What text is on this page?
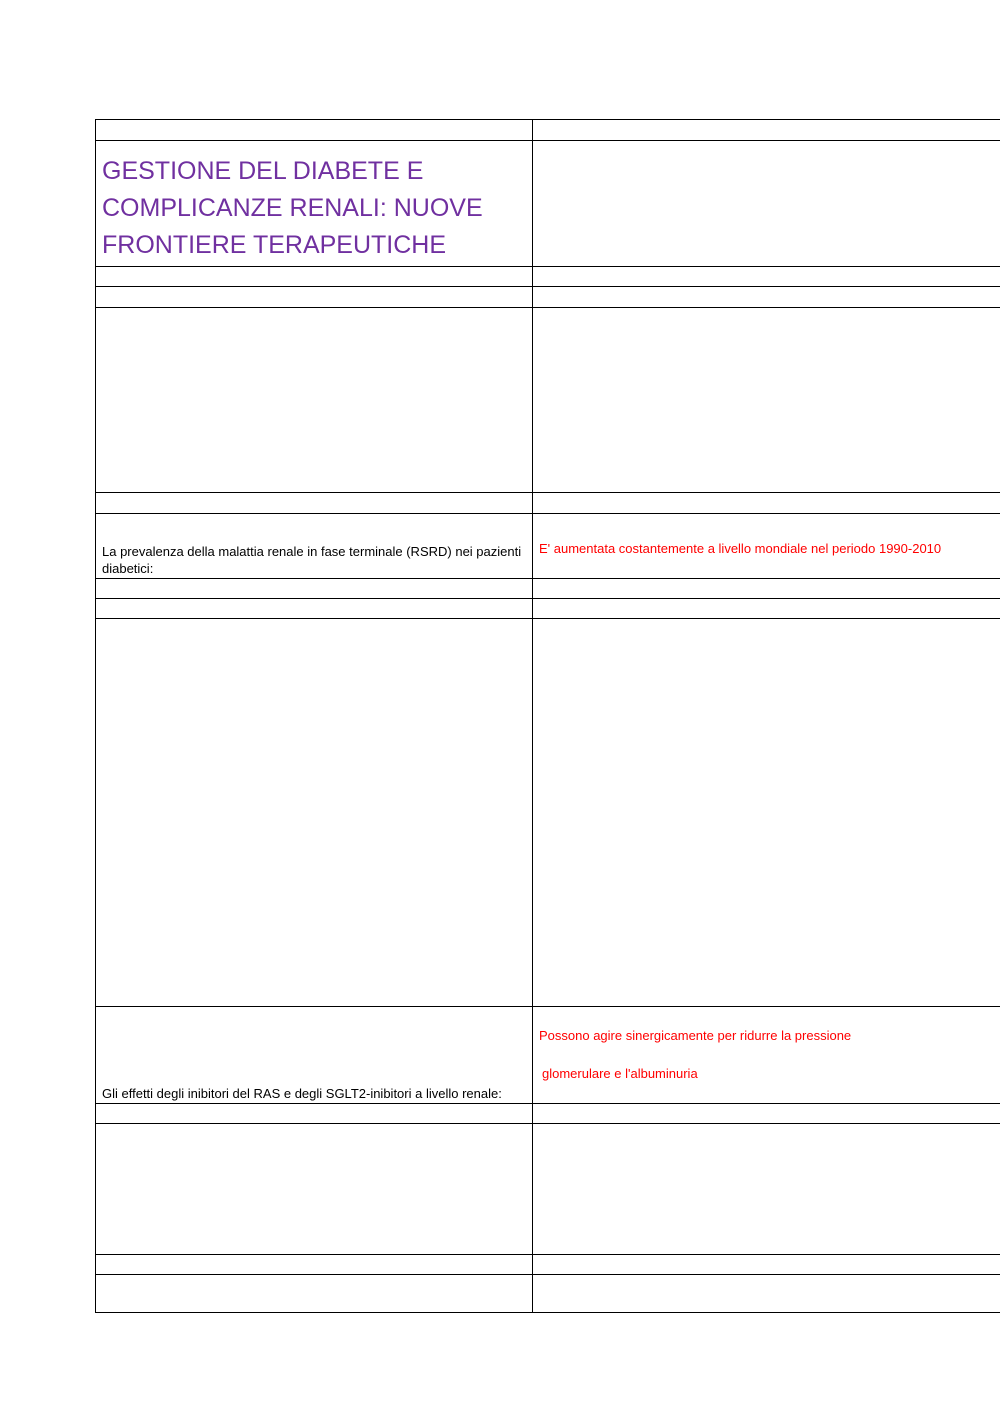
GESTIONE DEL DIABETE E COMPLICANZE RENALI: NUOVE FRONTIERE TERAPEUTICHE	

La prevalenza della malattia renale in fase terminale (RSRD) nei pazienti diabetici:	E' aumentata costantemente a livello mondiale nel periodo 1990-2010

Gli effetti degli inibitori del RAS e degli SGLT2-inibitori a livello renale:	Possono agire sinergicamente per ridurre la pressione
glomerulare e l'albuminuria
